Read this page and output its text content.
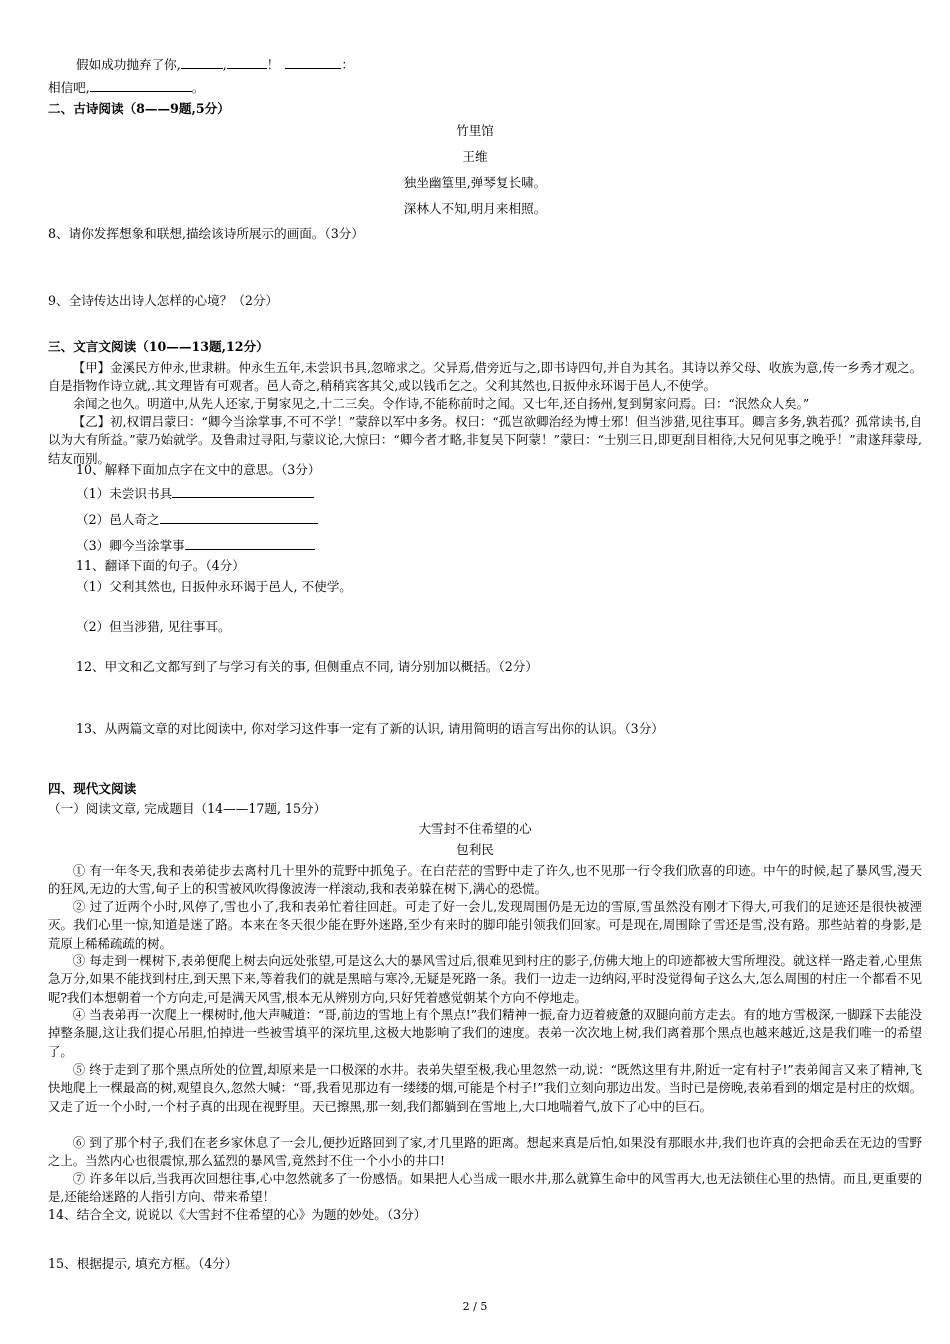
假如成功抛弃了你,	,	！	：
相信吧,	。
二、古诗阅读（8——9题,5分）
竹里馆
王维
独坐幽篁里,弹琴复长啸。
深林人不知,明月来相照。
8、请你发挥想象和联想,描绘该诗所展示的画面。（3分）
9、全诗传达出诗人怎样的心境？（2分）
三、文言文阅读（10——13题,12分）
【甲】金溪民方仲永,世隶耕。仲永生五年,未尝识书具,忽啼求之。父异焉,借旁近与之,即书诗四句,并自为其名。其诗以养父母、收族为意,传一乡秀才观之。自是指物作诗立就,.其文理皆有可观者。邑人奇之,稍稍宾客其父,或以钱币乞之。父利其然也,日扳仲永环谒于邑人,不使学。
余闻之也久。明道中,从先人还家,于舅家见之,十二三矣。令作诗,不能称前时之闻。又七年,还自扬州,复到舅家问焉。曰：“泯然众人矣。”
【乙】初,权谓吕蒙曰：“卿今当涂掌事,不可不学！”蒙辞以军中多务。权曰：“孤岂欲卿治经为博士邪！但当涉猎,见往事耳。卿言多务,孰若孤？孤常读书,自以为大有所益。”蒙乃始就学。及鲁肃过寻阳,与蒙议论,大惊曰：“卿今者才略,非复吴下阿蒙！”蒙曰：“士别三日,即更刮目相待,大兄何见事之晚乎！”肃遂拜蒙母,结友而别。
10、解释下面加点字在文中的意思。（3分）
（1）未尝识书具
（2）邑人奇之
（3）卿今当涂掌事
11、翻译下面的句子。（4分）
（1）父利其然也, 日扳仲永环谒于邑人, 不使学。
（2）但当涉猎, 见往事耳。
12、甲文和乙文都写到了与学习有关的事, 但侧重点不同, 请分别加以概括。（2分）
13、从两篇文章的对比阅读中, 你对学习这件事一定有了新的认识, 请用简明的语言写出你的认识。（3分）
四、现代文阅读
（一）阅读文章, 完成题目（14——17题, 15分）
大雪封不住希望的心
包利民
① 有一年冬天,我和表弟徒步去离村几十里外的荒野中抓兔子。在白茫茫的雪野中走了许久,也不见那一行令我们欣喜的印迹。中午的时候,起了暴风雪,漫天的狂风,无边的大雪,甸子上的积雪被风吹得像波涛一样滚动,我和表弟躲在树下,满心的恐慌。
② 过了近两个小时,风停了,雪也小了,我和表弟忙着往回赶。可走了好一会儿,发现周围仍是无边的雪原,雪虽然没有刚才下得大,可我们的足迹还是很快被湮灭。我们心里一惊,知道是迷了路。本来在冬天很少能在野外迷路,至少有来时的脚印能引领我们回家。可是现在,周围除了雪还是雪,没有路。那些站着的身影,是荒原上稀稀疏疏的树。
③ 每走到一棵树下,表弟便爬上树去向远处张望,可是这么大的暴风雪过后,很难见到村庄的影子,仿佛大地上的印迹都被大雪所埋没。就这样一路走着,心里焦急万分,如果不能找到村庄,到天黑下来,等着我们的就是黑暗与寒冷,无疑是死路一条。我们一边走一边纳闷,平时没觉得甸子这么大,怎么周围的村庄一个都看不见呢?我们本想朝着一个方向走,可是满天风雪,根本无从辨别方向,只好凭着感觉朝某个方向不停地走。
④ 当表弟再一次爬上一棵树时,他大声喊道：“哥,前边的雪地上有个黑点!”我们精神一振,奋力迈着疲惫的双腿向前方走去。有的地方雪极深,一脚踩下去能没掉整条腿,这让我们提心吊胆,怕掉进一些被雪填平的深坑里,这极大地影响了我们的速度。表弟一次次地上树,我们离着那个黑点也越来越近,这是我们唯一的希望了。
⑤ 终于走到了那个黑点所处的位置,却原来是一口极深的水井。表弟失望至极,我心里忽然一动,说：“既然这里有井,附近一定有村子!”表弟闻言又来了精神,飞快地爬上一棵最高的树,观望良久,忽然大喊：“哥,我看见那边有一缕缕的烟,可能是个村子!”我们立刻向那边出发。当时已是傍晚,表弟看到的烟定是村庄的炊烟。又走了近一个小时,一个村子真的出现在视野里。天已擦黑,那一刻,我们都躺到在雪地上,大口地喘着气,放下了心中的巨石。
⑥ 到了那个村子,我们在老乡家休息了一会儿,便抄近路回到了家,才几里路的距离。想起来真是后怕,如果没有那眼水井,我们也许真的会把命丢在无边的雪野之上。当然内心也很震惊,那么猛烈的暴风雪,竟然封不住一个小小的井口!
⑦ 许多年以后,当我再次回想往事,心中忽然就多了一份感悟。如果把人心当成一眼水井,那么就算生命中的风雪再大,也无法锁住心里的热情。而且,更重要的是,还能给迷路的人指引方向、带来希望！
14、结合全文, 说说以《大雪封不住希望的心》为题的妙处。（3分）
15、根据提示, 填充方框。（4分）
2 / 5
